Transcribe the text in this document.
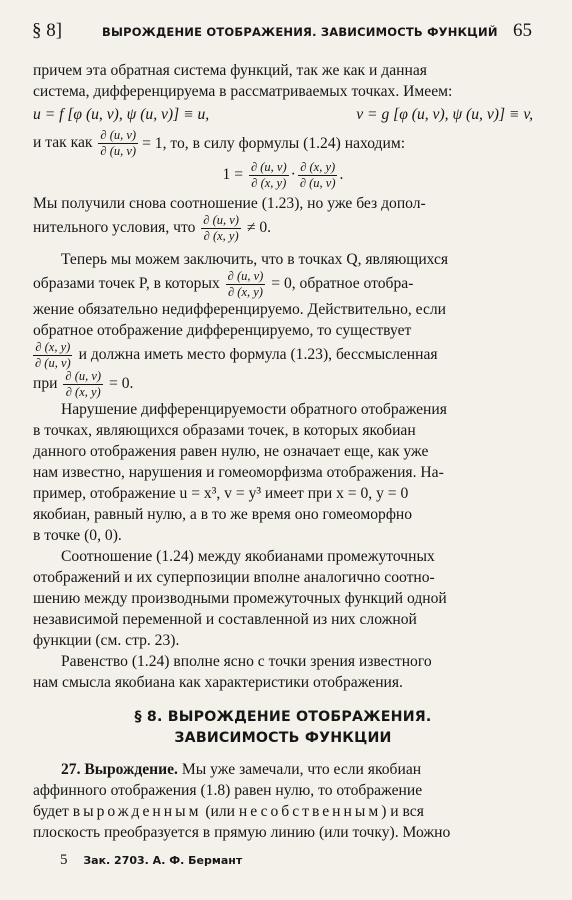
§ 8]	ВЫРОЖДЕНИЕ ОТОБРАЖЕНИЯ. ЗАВИСИМОСТЬ ФУНКЦИЙ 65
причем эта обратная система функций, так же как и данная
система, дифференцируема в рассматриваемых точках. Имеем:
u = f [φ (u, v), ψ (u, v)] ≡ u,	v = g [φ (u, v), ψ (u, v)] ≡ v,
и так как $\frac{\partial (u, v)}{\partial (u, v)} = 1$, то, в силу формулы (1.24) находим:
$1 = \frac{\partial (u, v)}{\partial (x, y)} \cdot \frac{\partial (x, y)}{\partial (u, v)}$ .
Мы получили снова соотношение (1.23), но уже без допол-
нительного условия, что $\frac{\partial (u, v)}{\partial (x, y)} \ne 0$.
Теперь мы можем заключить, что в точках Q, являющихся
образами точек P, в которых $\frac{\partial (u, v)}{\partial (x, y)} = 0$, обратное отобра-
жение обязательно недифференцируемо. Действительно, если
обратное отображение дифференцируемо, то существует
$\frac{\partial (x, y)}{\partial (u, v)}$ и должна иметь место формула (1.23), бессмысленная
при $\frac{\partial (u, v)}{\partial (x, y)} = 0$.
Нарушение дифференцируемости обратного отображения
в точках, являющихся образами точек, в которых якобиан
данного отображения равен нулю, не означает еще, как уже
нам известно, нарушения и гомеоморфизма отображения. На-
пример, отображение u = x³, v = y³ имеет при x = 0, y = 0
якобиан, равный нулю, а в то же время оно гомеоморфно
в точке (0, 0).
Соотношение (1.24) между якобианами промежуточных
отображений и их суперпозиции вполне аналогично соотно-
шению между производными промежуточных функций одной
независимой переменной и составленной из них сложной
функции (см. стр. 23).
Равенство (1.24) вполне ясно с точки зрения известного
нам смысла якобиана как характеристики отображения.
§ 8. ВЫРОЖДЕНИЕ ОТОБРАЖЕНИЯ.
ЗАВИСИМОСТЬ ФУНКЦИИ
27. Вырождение. Мы уже замечали, что если якобиан
аффинного отображения (1.8) равен нулю, то отображение
будет вырожденным (или несобственным) и вся
плоскость преобразуется в прямую линию (или точку). Можно
5 Зак. 2703. А. Ф. Бермант
